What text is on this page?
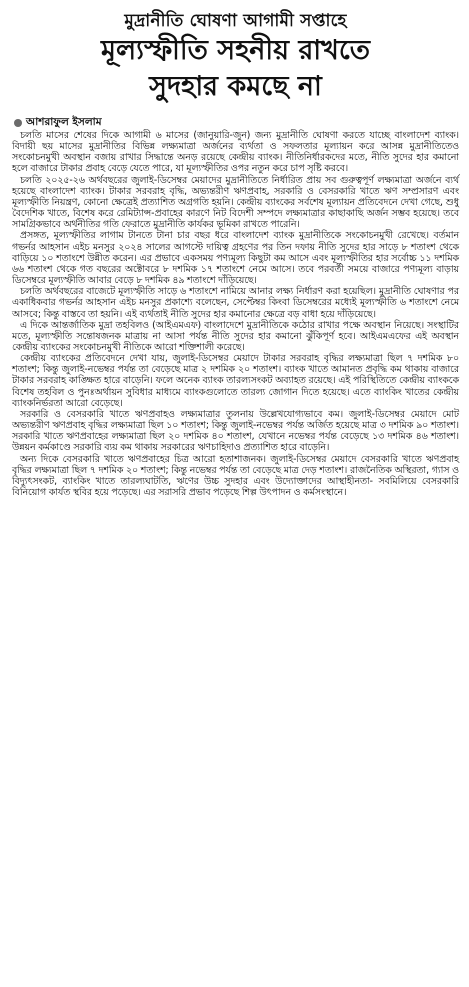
মুদ্রানীতি ঘোষণা আগামী সপ্তাহে
মূল্যস্ফীতি সহনীয় রাখতে
সুদহার কমছে না
আশরাফুল ইসলাম

চলতি মাসের শেষের দিকে আগামী ৬ মাসের (জানুয়ারি-জুন) জন্য মুদ্রানীতি ঘোষণা করতে যাচ্ছে বাংলাদেশ ব্যাংক। বিদায়ী ছয় মাসের মুদ্রানীতির বিভিন্ন লক্ষ্যমাত্রা অর্জনের ব্যর্থতা ও সফলতার মূল্যায়ন করে আসন্ন মুদ্রানীতিতেও সংকোচনমুখী অবস্থান বজায় রাখার সিদ্ধান্তে অনড় রয়েছে কেন্দ্রীয় ব্যাংক। নীতিনির্ধারকদের মতে, নীতি সুদের হার কমানো হলে বাজারে টাকার প্রবাহ বেড়ে যেতে পারে, যা মূল্যস্ফীতির ওপর নতুন করে চাপ সৃষ্টি করবে।

চলতি ২০২৫-২৬ অর্থবছরের জুলাই-ডিসেম্বর মেয়াদের মুদ্রানীতিতে নির্ধারিত প্রায় সব গুরুত্বপূর্ণ লক্ষ্যমাত্রা অর্জনে ব্যর্থ হয়েছে বাংলাদেশ ব্যাংক। টাকার সরবরাহ বৃদ্ধি, অভ্যন্তরীণ ঋণপ্রবাহ, সরকারি ও বেসরকারি খাতে ঋণ সম্প্রসারণ এবং মূল্যস্ফীতি নিয়ন্ত্রণ, কোনো ক্ষেত্রেই প্রত্যাশিত অগ্রগতি হয়নি। কেন্দ্রীয় ব্যাংকের সর্বশেষ মূল্যায়ন প্রতিবেদনে দেখা গেছে, শুধু বৈদেশিক খাতে, বিশেষ করে রেমিট্যান্স-প্রবাহের কারণে নিট বিদেশী সম্পদে লক্ষ্যমাত্রার কাছাকাছি অর্জন সম্ভব হয়েছে। তবে সামগ্রিকভাবে অর্থনীতির গতি ফেরাতে মুদ্রানীতি কার্যকর ভূমিকা রাখতে পারেনি।

প্রসঙ্গত, মূল্যস্ফীতির লাগাম টানতে টানা চার বছর ধরে বাংলাদেশ ব্যাংক মুদ্রানীতিকে সংকোচনমুখী রেখেছে। বর্তমান গভর্নর আহসান এইচ মনসুর ২০২৪ সালের আগস্টে দায়িত্ব গ্রহণের পর তিন দফায় নীতি সুদের হার সাড়ে ৮ শতাংশ থেকে বাড়িয়ে ১০ শতাংশে উন্নীত করেন। এর প্রভাবে একসময় পণ্যমূল্য কিছুটা কম আসে এবং মূল্যস্ফীতির হার সর্বোচ্চ ১১ দশমিক ৬৬ শতাংশ থেকে গত বছরের অক্টোবরে ৮ দশমিক ১৭ শতাংশে নেমে আসে। তবে পরবর্তী সময়ে বাজারে পণ্যমূল্য বাড়ায় ডিসেম্বরে মূল্যস্ফীতি আবার বেড়ে ৮ দশমিক ৪৯ শতাংশে দাঁড়িয়েছে।

চলতি অর্থবছরের বাজেটে মূল্যস্ফীতি সাড়ে ৬ শতাংশে নামিয়ে আনার লক্ষ্য নির্ধারণ করা হয়েছিল। মুদ্রানীতি ঘোষণার পর একাধিকবার গভর্নর আহসান এইচ মনসুর প্রকাশ্যে বলেছেন, সেপ্টেম্বর কিংবা ডিসেম্বরের মধ্যেই মূল্যস্ফীতি ৬ শতাংশে নেমে আসবে; কিন্তু বাস্তবে তা হয়নি। এই ব্যর্থতাই নীতি সুদের হার কমানোর ক্ষেত্রে বড় বাধা হয়ে দাঁড়িয়েছে।

এ দিকে আন্তর্জাতিক মুদ্রা তহবিলও (আইএমএফ) বাংলাদেশে মুদ্রানীতিকে কঠোর রাখার পক্ষে অবস্থান নিয়েছে। সংস্থাটির মতে, মূল্যস্ফীতি সন্তোষজনক মাত্রায় না আসা পর্যন্ত নীতি সুদের হার কমানো ঝুঁকিপূর্ণ হবে। আইএমএফের এই অবস্থান কেন্দ্রীয় ব্যাংকের সংকোচনমুখী নীতিকে আরো শক্তিশালী করেছে।

কেন্দ্রীয় ব্যাংকের প্রতিবেদনে দেখা যায়, জুলাই-ডিসেম্বর মেয়াদে টাকার সরবরাহ বৃদ্ধির লক্ষ্যমাত্রা ছিল ৭ দশমিক ৮০ শতাংশ; কিন্তু জুলাই-নভেম্বর পর্যন্ত তা বেড়েছে মাত্র ২ দশমিক ২০ শতাংশ। ব্যাংক খাতে আমানত প্রবৃদ্ধি কম থাকায় বাজারে টাকার সরবরাহ কাঙ্ক্ষিত হারে বাড়েনি। ফলে অনেক ব্যাংক তারল্যসংকট অব্যাহত রয়েছে। এই পরিস্থিতিতে কেন্দ্রীয় ব্যাংককে বিশেষ তহবিল ও পুনঃঅর্থায়ন সুবিধার মাধ্যমে ব্যাংকগুলোতে তারল্য জোগান দিতে হয়েছে। এতে ব্যাংকিং খাতের কেন্দ্রীয় ব্যাংকনির্ভরতা আরো বেড়েছে।

সরকারি ও বেসরকারি খাতে ঋণপ্রবাহও লক্ষ্যমাত্রার তুলনায় উল্লেখযোগ্যভাবে কম। জুলাই-ডিসেম্বর মেয়াদে মোট অভ্যন্তরীণ ঋণপ্রবাহ বৃদ্ধির লক্ষ্যমাত্রা ছিল ১০ শতাংশ; কিন্তু জুলাই-নভেম্বর পর্যন্ত অর্জিত হয়েছে মাত্র ৩ দশমিক ৯০ শতাংশ। সরকারি খাতে ঋণপ্রবাহের লক্ষ্যমাত্রা ছিল ২০ দশমিক ৪০ শতাংশ, যেখানে নভেম্বর পর্যন্ত বেড়েছে ১৩ দশমিক ৪৬ শতাংশ। উন্নয়ন কর্মকাণ্ডে সরকারি ব্যয় কম থাকায় সরকারের ঋণচাহিদাও প্রত্যাশিত হারে বাড়েনি।

অন্য দিকে বেসরকারি খাতে ঋণপ্রবাহের চিত্র আরো হতাশাজনক। জুলাই-ডিসেম্বর মেয়াদে বেসরকারি খাতে ঋণপ্রবাহ বৃদ্ধির লক্ষ্যমাত্রা ছিল ৭ দশমিক ২০ শতাংশ; কিন্তু নভেম্বর পর্যন্ত তা বেড়েছে মাত্র দেড় শতাংশ। রাজনৈতিক অস্থিরতা, গ্যাস ও বিদ্যুৎসংকট, ব্যাংকিং খাতে তারল্যঘাটতি, ঋণের উচ্চ সুদহার এবং উদ্যোক্তাদের আস্থাহীনতা- সবমিলিয়ে বেসরকারি বিনিয়োগ কার্যত স্থবির হয়ে পড়েছে। এর সরাসরি প্রভাব পড়েছে শিল্প উৎপাদন ও কর্মসংস্থানে।
